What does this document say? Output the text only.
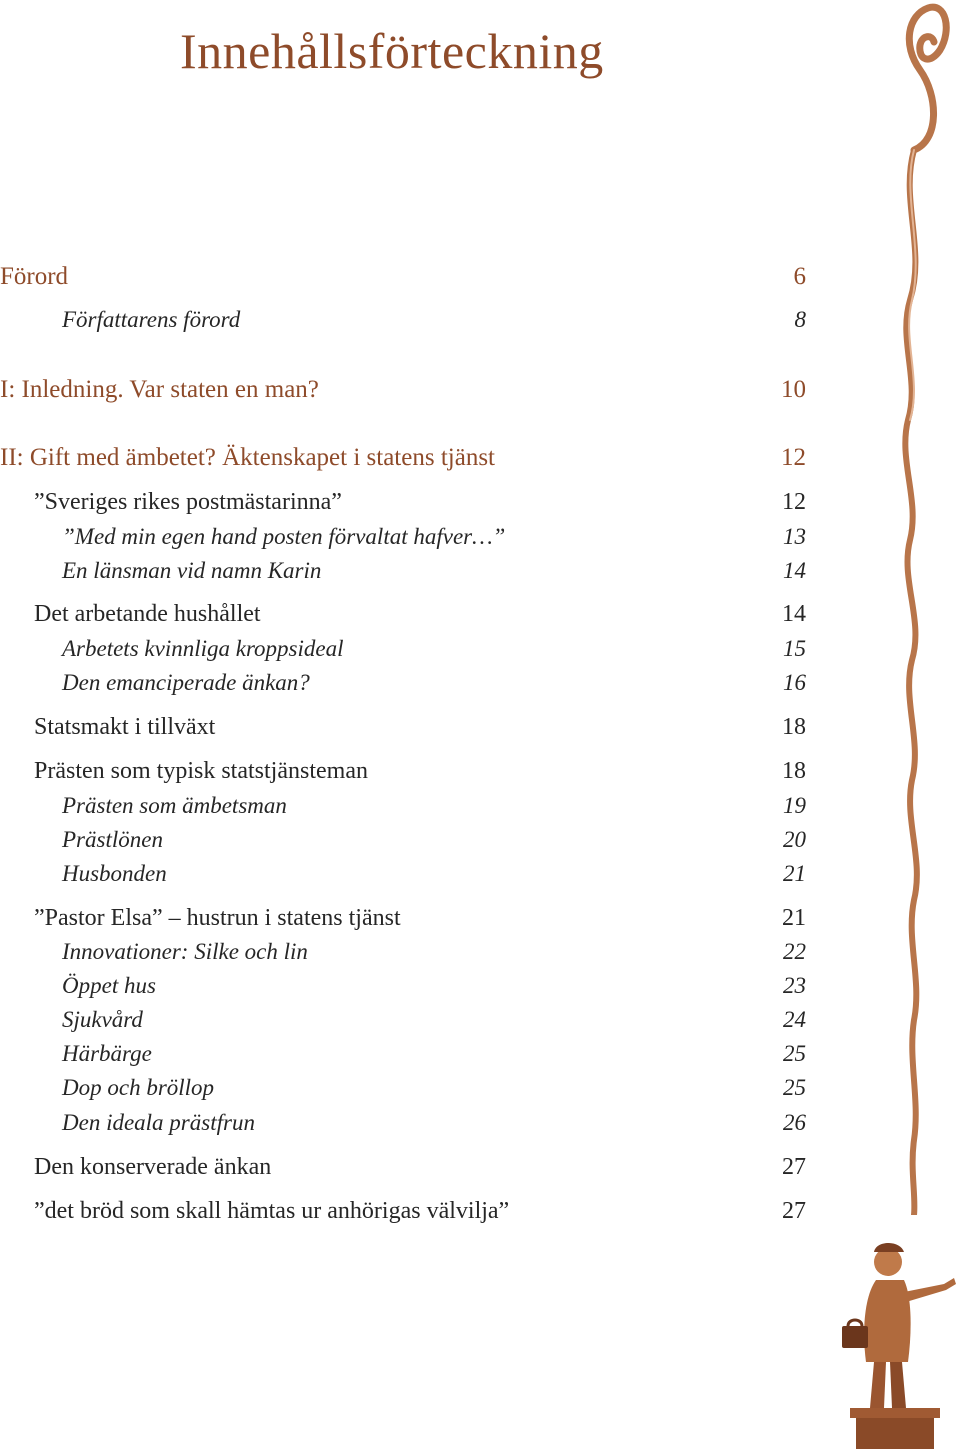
Innehållsförteckning
Förord	6
Författarens förord	8
I: Inledning. Var staten en man?	10
II: Gift med ämbetet? Äktenskapet i statens tjänst	12
”Sveriges rikes postmästarinna”	12
”Med min egen hand posten förvaltat hafver…”	13
En länsman vid namn Karin	14
Det arbetande hushållet	14
Arbetets kvinnliga kroppsideal	15
Den emanciperade änkan?	16
Statsmakt i tillväxt	18
Prästen som typisk statstjänsteman	18
Prästen som ämbetsman	19
Prästlönen	20
Husbonden	21
”Pastor Elsa” – hustrun i statens tjänst	21
Innovationer: Silke och lin	22
Öppet hus	23
Sjukvård	24
Härbärge	25
Dop och bröllop	25
Den ideala prästfrun	26
Den konserverade änkan	27
”det bröd som skall hämtas ur anhörigas välvilja”	27
